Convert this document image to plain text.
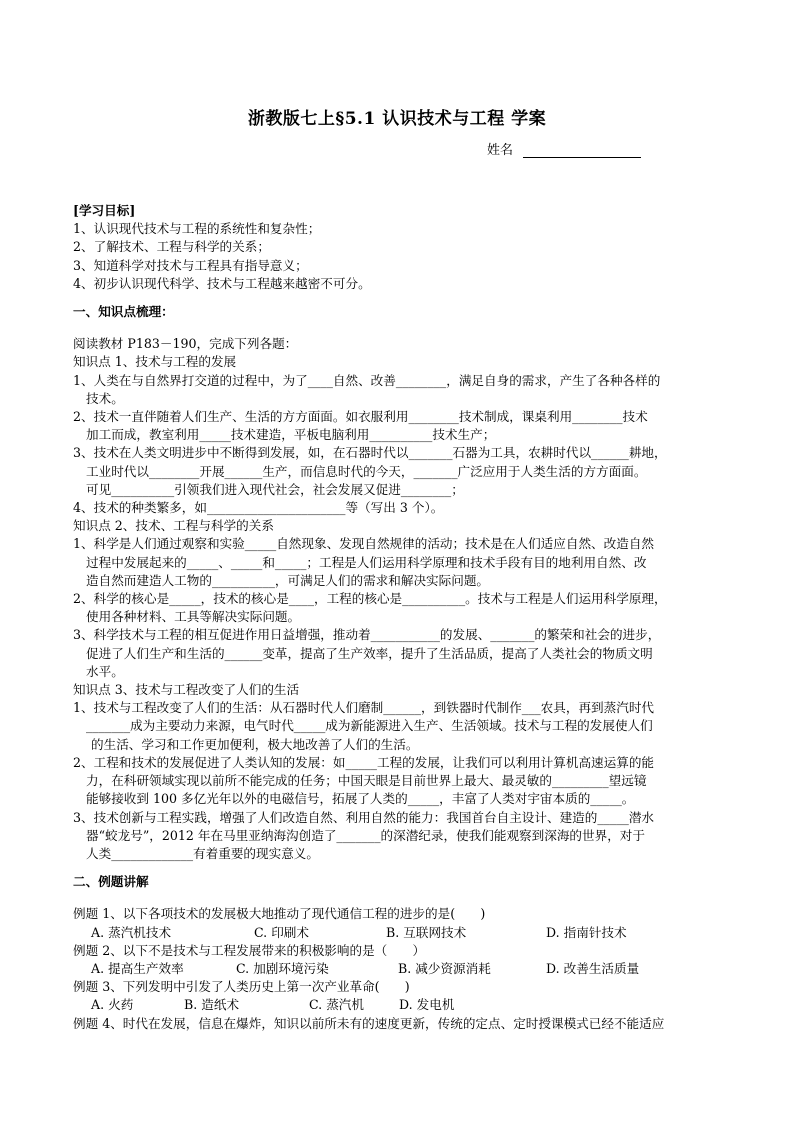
浙教版七上§5.1 认识技术与工程 学案
姓名
[学习目标]
1、认识现代技术与工程的系统性和复杂性；
2、了解技术、工程与科学的关系；
3、知道科学对技术与工程具有指导意义；
4、初步认识现代科学、技术与工程越来越密不可分。
一、知识点梳理：
阅读教材 P183－190，完成下列各题：
知识点 1、技术与工程的发展
1、人类在与自然界打交道的过程中，为了____自然、改善________，满足自身的需求，产生了各种各样的
技术。
2、技术一直伴随着人们生产、生活的方方面面。如衣服利用________技术制成，课桌利用________技术
加工而成，教室利用_____技术建造，平板电脑利用__________技术生产；
3、技术在人类文明进步中不断得到发展，如，在石器时代以_______石器为工具，农耕时代以______耕地，
工业时代以________开展______生产，而信息时代的今天，_______广泛应用于人类生活的方方面面。
可见__________引领我们进入现代社会，社会发展又促进________；
4、技术的种类繁多，如______________________等（写出 3 个）。
知识点 2、技术、工程与科学的关系
1、科学是人们通过观察和实验_____自然现象、发现自然规律的活动；技术是在人们适应自然、改造自然
过程中发展起来的_____、_____和_____；工程是人们运用科学原理和技术手段有目的地利用自然、改
造自然而建造人工物的__________，可满足人们的需求和解决实际问题。
2、科学的核心是_____，技术的核心是____，工程的核心是__________。技术与工程是人们运用科学原理，
使用各种材料、工具等解决实际问题。
3、科学技术与工程的相互促进作用日益增强，推动着___________的发展、_______的繁荣和社会的进步，
促进了人们生产和生活的______变革，提高了生产效率，提升了生活品质，提高了人类社会的物质文明
水平。
知识点 3、技术与工程改变了人们的生活
1、技术与工程改变了人们的生活：从石器时代人们磨制______，到铁器时代制作___农具，再到蒸汽时代
_______成为主要动力来源，电气时代_____成为新能源进入生产、生活领域。技术与工程的发展使人们
的生活、学习和工作更加便利，极大地改善了人们的生活。
2、工程和技术的发展促进了人类认知的发展：如_____工程的发展，让我们可以利用计算机高速运算的能
力，在科研领域实现以前所不能完成的任务；中国天眼是目前世界上最大、最灵敏的_________望远镜
能够接收到 100 多亿光年以外的电磁信号，拓展了人类的_____，丰富了人类对宇宙本质的_____。
3、技术创新与工程实践，增强了人们改造自然、利用自然的能力：我国首台自主设计、建造的_____潜水
器“蛟龙号”，2012 年在马里亚纳海沟创造了_______的深潜纪录，使我们能观察到深海的世界，对于
人类_____________有着重要的现实意义。
二、例题讲解
例题 1、以下各项技术的发展极大地推动了现代通信工程的进步的是(　　)
A. 蒸汽机技术	C. 印刷术	B. 互联网技术	D. 指南针技术
例题 2、以下不是技术与工程发展带来的积极影响的是（　　）
A. 提高生产效率	C. 加剧环境污染	B. 减少资源消耗	D. 改善生活质量
例题 3、下列发明中引发了人类历史上第一次产业革命(　　)
A. 火药	B. 造纸术	C. 蒸汽机	D. 发电机
例题 4、时代在发展，信息在爆炸，知识以前所未有的速度更新，传统的定点、定时授课模式已经不能适应
